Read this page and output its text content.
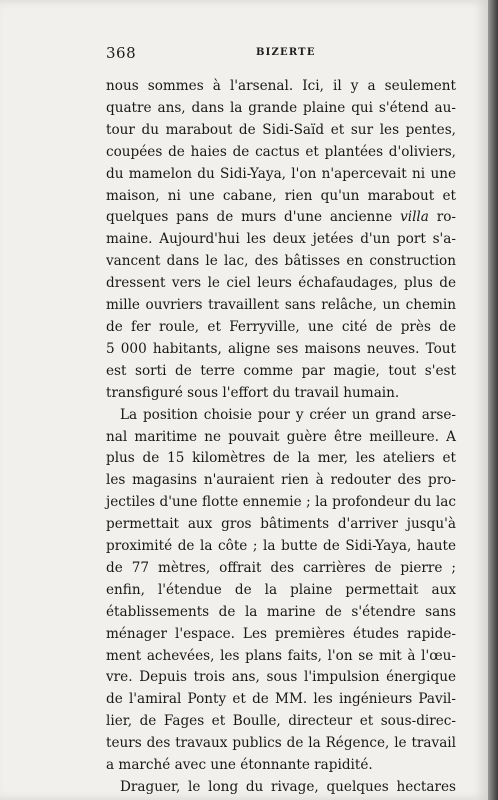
368	BIZERTE
nous sommes à l'arsenal. Ici, il y a seulement
quatre ans, dans la grande plaine qui s'étend au-
tour du marabout de Sidi-Saïd et sur les pentes,
coupées de haies de cactus et plantées d'oliviers,
du mamelon du Sidi-Yaya, l'on n'apercevait ni une
maison, ni une cabane, rien qu'un marabout et
quelques pans de murs d'une ancienne villa ro-
maine. Aujourd'hui les deux jetées d'un port s'a-
vancent dans le lac, des bâtisses en construction
dressent vers le ciel leurs échafaudages, plus de
mille ouvriers travaillent sans relâche, un chemin
de fer roule, et Ferryville, une cité de près de
5 000 habitants, aligne ses maisons neuves. Tout
est sorti de terre comme par magie, tout s'est
transfiguré sous l'effort du travail humain.
La position choisie pour y créer un grand arse-
nal maritime ne pouvait guère être meilleure. A
plus de 15 kilomètres de la mer, les ateliers et
les magasins n'auraient rien à redouter des pro-
jectiles d'une flotte ennemie ; la profondeur du lac
permettait aux gros bâtiments d'arriver jusqu'à
proximité de la côte ; la butte de Sidi-Yaya, haute
de 77 mètres, offrait des carrières de pierre ;
enfin, l'étendue de la plaine permettait aux
établissements de la marine de s'étendre sans
ménager l'espace. Les premières études rapide-
ment achevées, les plans faits, l'on se mit à l'œu-
vre. Depuis trois ans, sous l'impulsion énergique
de l'amiral Ponty et de MM. les ingénieurs Pavil-
lier, de Fages et Boulle, directeur et sous-direc-
teurs des travaux publics de la Régence, le travail
a marché avec une étonnante rapidité.
Draguer, le long du rivage, quelques hectares
